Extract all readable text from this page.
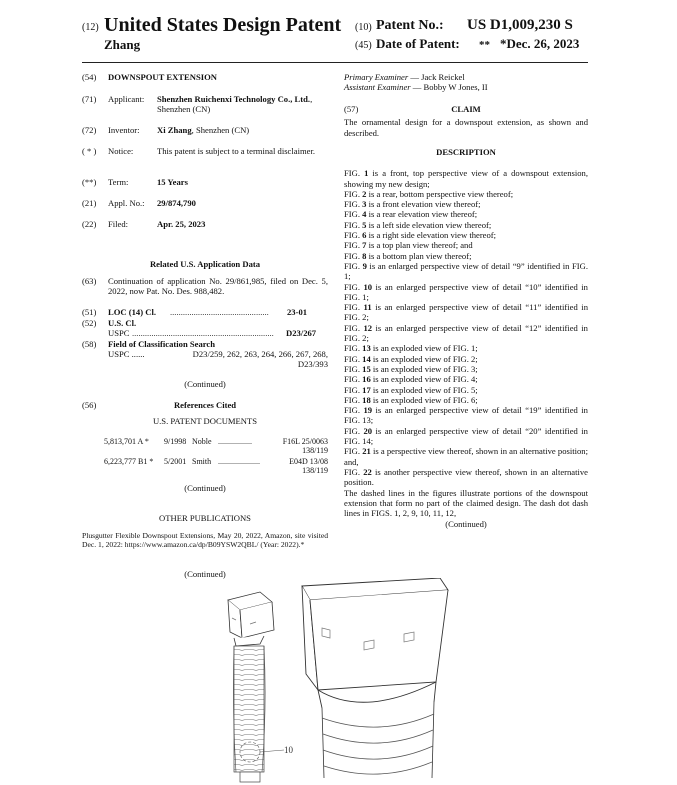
(12) United States Design Patent
Zhang
(10) Patent No.: US D1,009,230 S
(45) Date of Patent: ** *Dec. 26, 2023
(54) DOWNSPOUT EXTENSION
(71) Applicant: Shenzhen Ruichenxi Technology Co., Ltd., Shenzhen (CN)
(72) Inventor: Xi Zhang, Shenzhen (CN)
( * ) Notice:	This patent is subject to a terminal disclaimer.
(**) Term:	15 Years
(21) Appl. No.: 29/874,790
(22) Filed:	Apr. 25, 2023
Related U.S. Application Data
(63) Continuation of application No. 29/861,985, filed on Dec. 5, 2022, now Pat. No. Des. 988,482.
(51) LOC (14) Cl. ..............................................	23-01
(52) U.S. Cl.
USPC ..................................................................	D23/267
(58) Field of Classification Search
USPC ......	D23/259, 262, 263, 264, 266, 267, 268, D23/393
(Continued)
(56)	References Cited
U.S. PATENT DOCUMENTS
5,813,701 A * 9/1998 Noble .................	F16L 25/0063
138/119
6,223,777 B1 * 5/2001 Smith .....................	E04D 13/08
138/119
(Continued)
OTHER PUBLICATIONS
Plusgutter Flexible Downspout Extensions, May 20, 2022, Amazon, site visited Dec. 1, 2022: https://www.amazon.ca/dp/B09YSW2QBL/ (Year: 2022).*
(Continued)
Primary Examiner — Jack Reickel
Assistant Examiner — Bobby W Jones, II
(57)	CLAIM
The ornamental design for a downspout extension, as shown and described.
DESCRIPTION
FIG. 1 is a front, top perspective view of a downspout extension, showing my new design;
FIG. 2 is a rear, bottom perspective view thereof;
FIG. 3 is a front elevation view thereof;
FIG. 4 is a rear elevation view thereof;
FIG. 5 is a left side elevation view thereof;
FIG. 6 is a right side elevation view thereof;
FIG. 7 is a top plan view thereof; and
FIG. 8 is a bottom plan view thereof;
FIG. 9 is an enlarged perspective view of detail “9” identified in FIG. 1;
FIG. 10 is an enlarged perspective view of detail “10” identified in FIG. 1;
FIG. 11 is an enlarged perspective view of detail “11” identified in FIG. 2;
FIG. 12 is an enlarged perspective view of detail “12” identified in FIG. 2;
FIG. 13 is an exploded view of FIG. 1;
FIG. 14 is an exploded view of FIG. 2;
FIG. 15 is an exploded view of FIG. 3;
FIG. 16 is an exploded view of FIG. 4;
FIG. 17 is an exploded view of FIG. 5;
FIG. 18 is an exploded view of FIG. 6;
FIG. 19 is an enlarged perspective view of detail “19” identified in FIG. 13;
FIG. 20 is an enlarged perspective view of detail “20” identified in FIG. 14;
FIG. 21 is a perspective view thereof, shown in an alternative position; and,
FIG. 22 is another perspective view thereof, shown in an alternative position.
The dashed lines in the figures illustrate portions of the downspout extension that form no part of the claimed design. The dash dot dash lines in FIGS. 1, 2, 9, 10, 11, 12,
(Continued)
10
